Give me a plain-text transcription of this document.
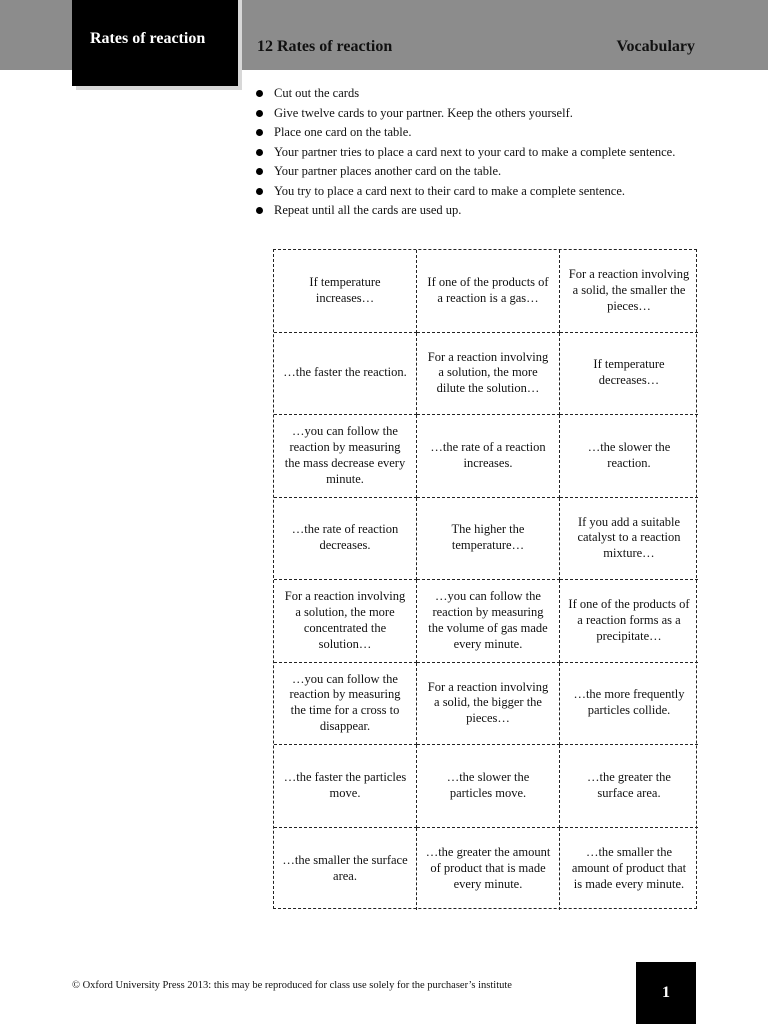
Rates of reaction	12 Rates of reaction	Vocabulary
Cut out the cards
Give twelve cards to your partner. Keep the others yourself.
Place one card on the table.
Your partner tries to place a card next to your card to make a complete sentence.
Your partner places another card on the table.
You try to place a card next to their card to make a complete sentence.
Repeat until all the cards are used up.
If temperature increases…
If one of the products of a reaction is a gas…
For a reaction involving a solid, the smaller the pieces…
…the faster the reaction.
For a reaction involving a solution, the more dilute the solution…
If temperature decreases…
…you can follow the reaction by measuring the mass decrease every minute.
…the rate of a reaction increases.
…the slower the reaction.
…the rate of reaction decreases.
The higher the temperature…
If you add a suitable catalyst to a reaction mixture…
For a reaction involving a solution, the more concentrated the solution…
…you can follow the reaction by measuring the volume of gas made every minute.
If one of the products of a reaction forms as a precipitate…
…you can follow the reaction by measuring the time for a cross to disappear.
For a reaction involving a solid, the bigger the pieces…
…the more frequently particles collide.
…the faster the particles move.
…the slower the particles move.
…the greater the surface area.
…the smaller the surface area.
…the greater the amount of product that is made every minute.
…the smaller the amount of product that is made every minute.
© Oxford University Press 2013: this may be reproduced for class use solely for the purchaser’s institute	1
